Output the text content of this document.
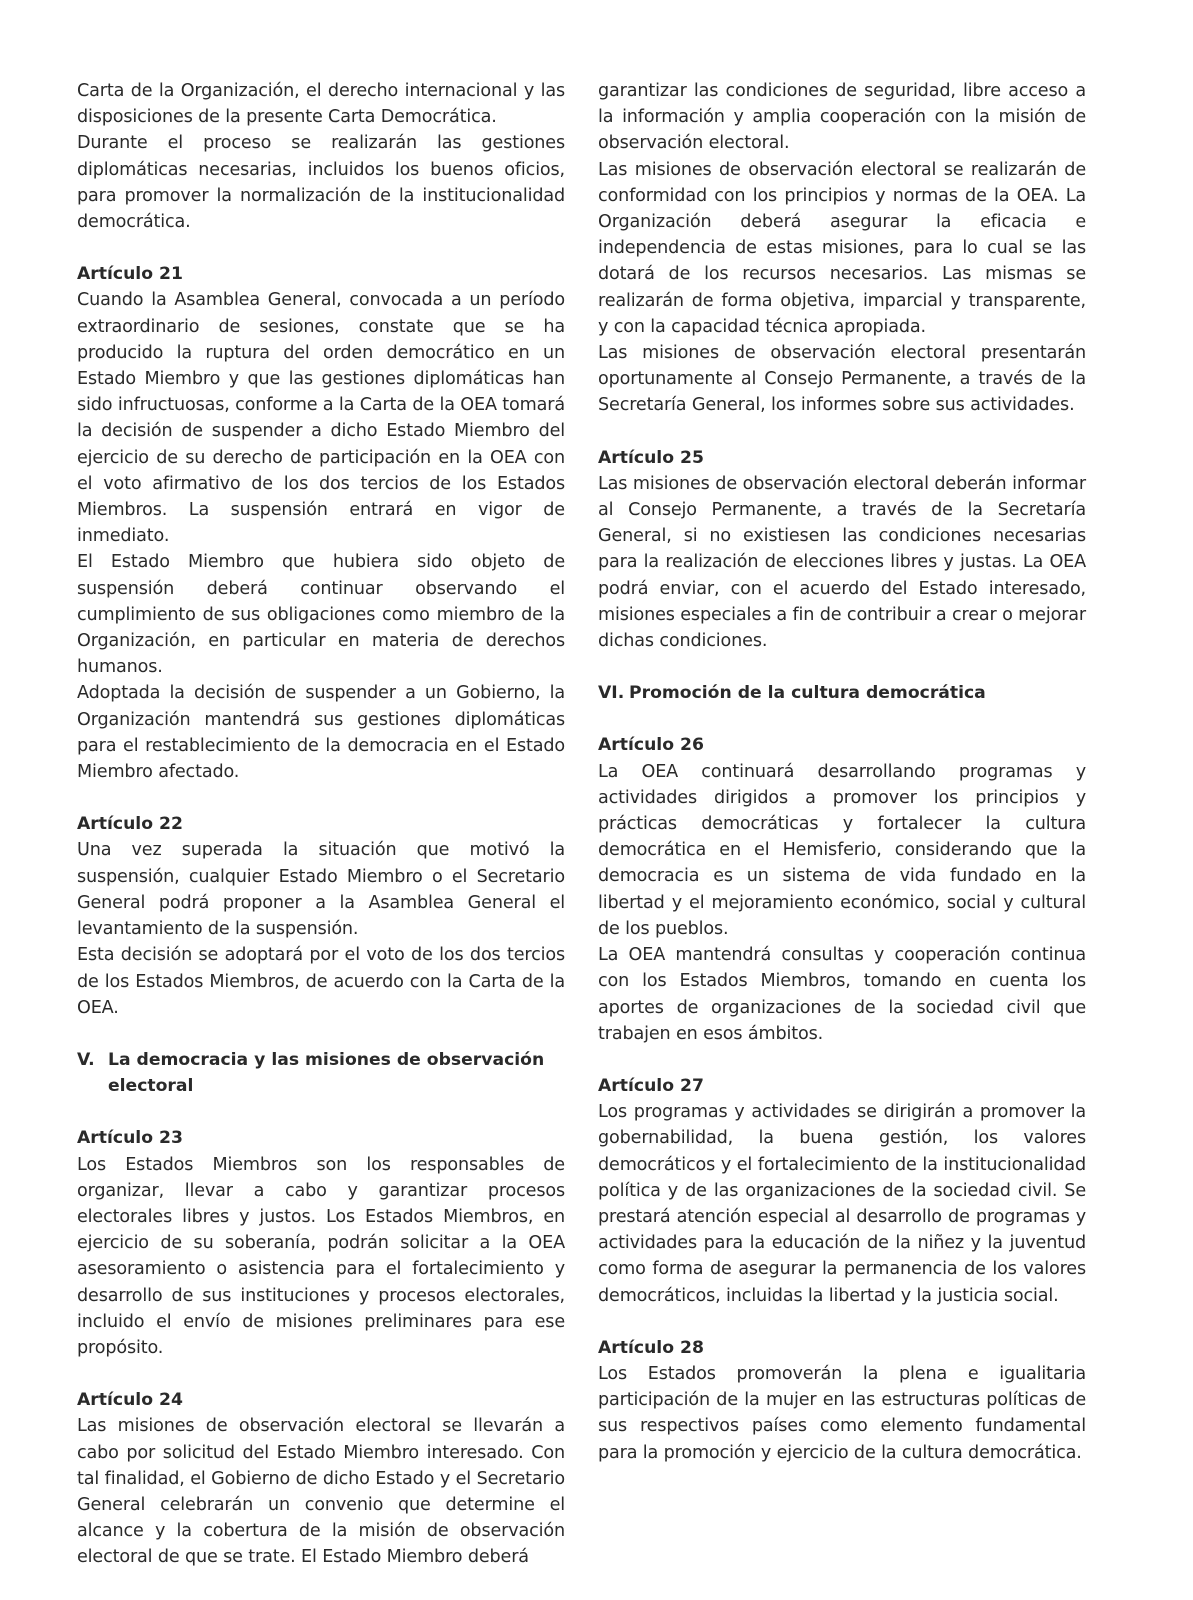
Carta de la Organización, el derecho internacional y las disposiciones de la presente Carta Democrática.

Durante el proceso se realizarán las gestiones diplomáticas necesarias, incluidos los buenos oficios, para promover la normalización de la institucionalidad democrática.

Artículo 21

Cuando la Asamblea General, convocada a un período extraordinario de sesiones, constate que se ha producido la ruptura del orden democrático en un Estado Miembro y que las gestiones diplomáticas han sido infructuosas, conforme a la Carta de la OEA tomará la decisión de suspender a dicho Estado Miembro del ejercicio de su derecho de participación en la OEA con el voto afirmativo de los dos tercios de los Estados Miembros. La suspensión entrará en vigor de inmediato.

El Estado Miembro que hubiera sido objeto de suspensión deberá continuar observando el cumplimiento de sus obligaciones como miembro de la Organización, en particular en materia de derechos humanos.

Adoptada la decisión de suspender a un Gobierno, la Organización mantendrá sus gestiones diplomáticas para el restablecimiento de la democracia en el Estado Miembro afectado.

Artículo 22

Una vez superada la situación que motivó la suspensión, cualquier Estado Miembro o el Secretario General podrá proponer a la Asamblea General el levantamiento de la suspensión.

Esta decisión se adoptará por el voto de los dos tercios de los Estados Miembros, de acuerdo con la Carta de la OEA.

V. La democracia y las misiones de observación electoral

Artículo 23

Los Estados Miembros son los responsables de organizar, llevar a cabo y garantizar procesos electorales libres y justos. Los Estados Miembros, en ejercicio de su soberanía, podrán solicitar a la OEA asesoramiento o asistencia para el fortalecimiento y desarrollo de sus instituciones y procesos electorales, incluido el envío de misiones preliminares para ese propósito.

Artículo 24

Las misiones de observación electoral se llevarán a cabo por solicitud del Estado Miembro interesado. Con tal finalidad, el Gobierno de dicho Estado y el Secretario General celebrarán un convenio que determine el alcance y la cobertura de la misión de observación electoral de que se trate. El Estado Miembro deberá

garantizar las condiciones de seguridad, libre acceso a la información y amplia cooperación con la misión de observación electoral.

Las misiones de observación electoral se realizarán de conformidad con los principios y normas de la OEA. La Organización deberá asegurar la eficacia e independencia de estas misiones, para lo cual se las dotará de los recursos necesarios. Las mismas se realizarán de forma objetiva, imparcial y transparente, y con la capacidad técnica apropiada.

Las misiones de observación electoral presentarán oportunamente al Consejo Permanente, a través de la Secretaría General, los informes sobre sus actividades.

Artículo 25

Las misiones de observación electoral deberán informar al Consejo Permanente, a través de la Secretaría General, si no existiesen las condiciones necesarias para la realización de elecciones libres y justas. La OEA podrá enviar, con el acuerdo del Estado interesado, misiones especiales a fin de contribuir a crear o mejorar dichas condiciones.

VI. Promoción de la cultura democrática

Artículo 26

La OEA continuará desarrollando programas y actividades dirigidos a promover los principios y prácticas democráticas y fortalecer la cultura democrática en el Hemisferio, considerando que la democracia es un sistema de vida fundado en la libertad y el mejoramiento económico, social y cultural de los pueblos.

La OEA mantendrá consultas y cooperación continua con los Estados Miembros, tomando en cuenta los aportes de organizaciones de la sociedad civil que trabajen en esos ámbitos.

Artículo 27

Los programas y actividades se dirigirán a promover la gobernabilidad, la buena gestión, los valores democráticos y el fortalecimiento de la institucionalidad política y de las organizaciones de la sociedad civil. Se prestará atención especial al desarrollo de programas y actividades para la educación de la niñez y la juventud como forma de asegurar la permanencia de los valores democráticos, incluidas la libertad y la justicia social.

Artículo 28

Los Estados promoverán la plena e igualitaria participación de la mujer en las estructuras políticas de sus respectivos países como elemento fundamental para la promoción y ejercicio de la cultura democrática.
